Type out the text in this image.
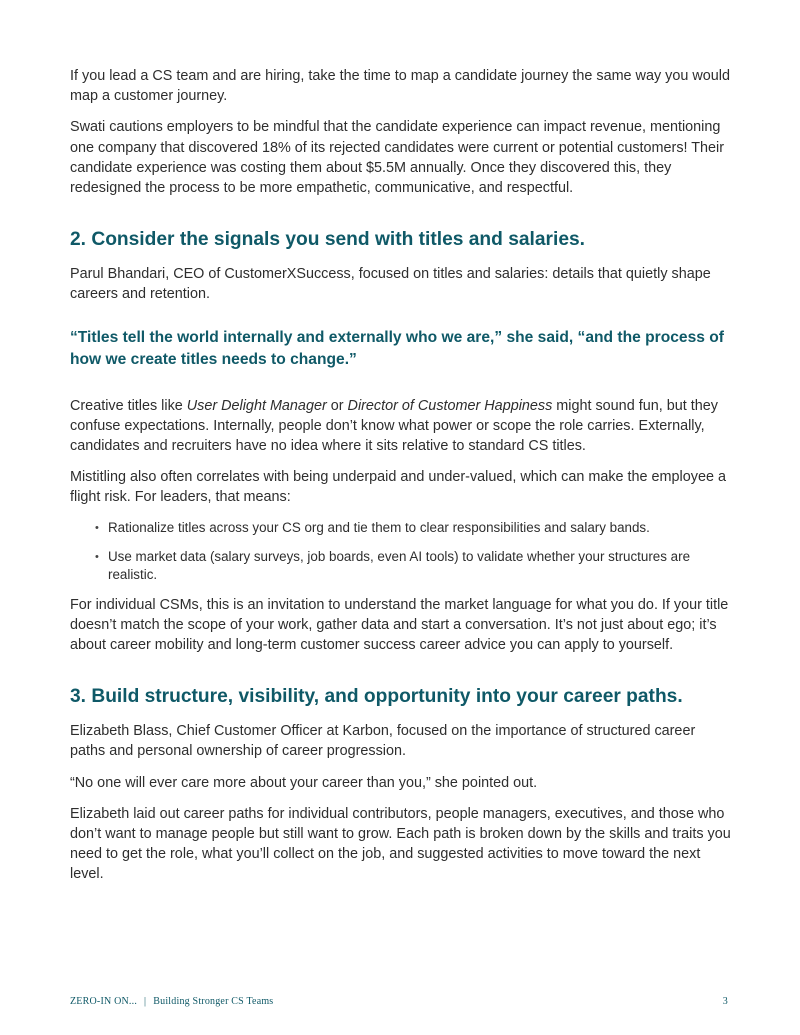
If you lead a CS team and are hiring, take the time to map a candidate journey the same way you would map a customer journey.

Swati cautions employers to be mindful that the candidate experience can impact revenue, mentioning one company that discovered 18% of its rejected candidates were current or potential customers! Their candidate experience was costing them about $5.5M annually. Once they discovered this, they redesigned the process to be more empathetic, communicative, and respectful.

2. Consider the signals you send with titles and salaries.

Parul Bhandari, CEO of CustomerXSuccess, focused on titles and salaries: details that quietly shape careers and retention.

“Titles tell the world internally and externally who we are,” she said, “and the process of how we create titles needs to change.”

Creative titles like User Delight Manager or Director of Customer Happiness might sound fun, but they confuse expectations. Internally, people don’t know what power or scope the role carries. Externally, candidates and recruiters have no idea where it sits relative to standard CS titles.

Mistitling also often correlates with being underpaid and under-valued, which can make the employee a flight risk. For leaders, that means:

• Rationalize titles across your CS org and tie them to clear responsibilities and salary bands.
• Use market data (salary surveys, job boards, even AI tools) to validate whether your structures are realistic.

For individual CSMs, this is an invitation to understand the market language for what you do. If your title doesn’t match the scope of your work, gather data and start a conversation. It’s not just about ego; it’s about career mobility and long-term customer success career advice you can apply to yourself.

3. Build structure, visibility, and opportunity into your career paths.

Elizabeth Blass, Chief Customer Officer at Karbon, focused on the importance of structured career paths and personal ownership of career progression.

“No one will ever care more about your career than you,” she pointed out.

Elizabeth laid out career paths for individual contributors, people managers, executives, and those who don’t want to manage people but still want to grow. Each path is broken down by the skills and traits you need to get the role, what you’ll collect on the job, and suggested activities to move toward the next level.

ZERO-IN ON... | Building Stronger CS Teams	3
